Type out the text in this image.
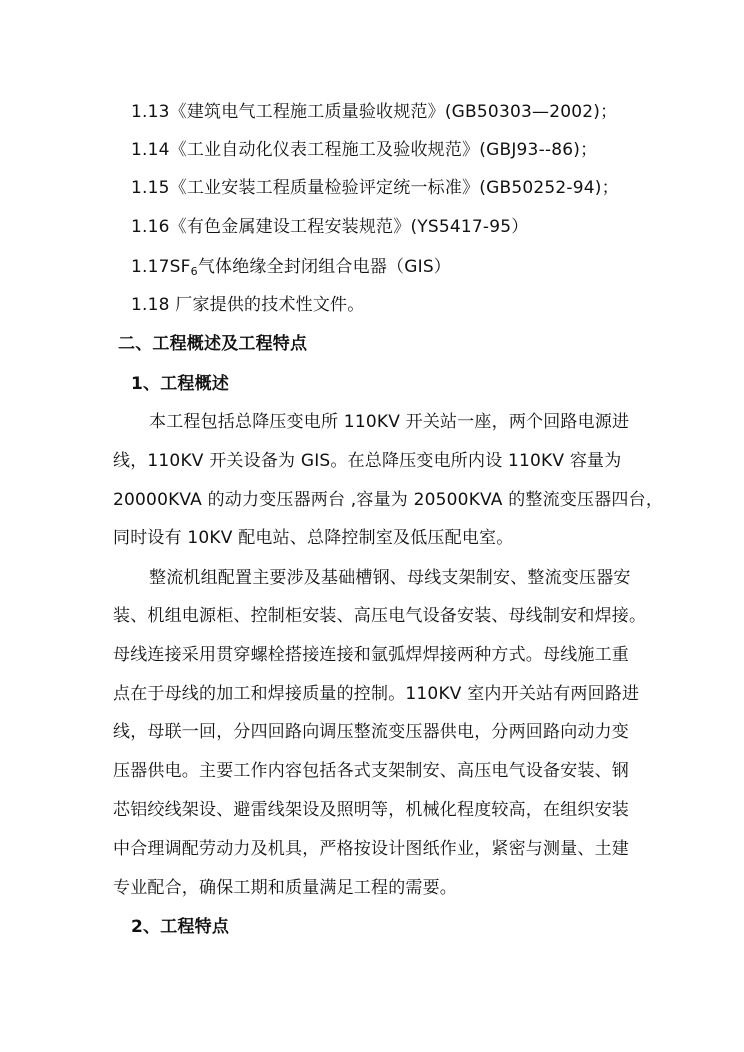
1.13《建筑电气工程施工质量验收规范》(GB50303—2002)；
1.14《工业自动化仪表工程施工及验收规范》(GBJ93--86)；
1.15《工业安装工程质量检验评定统一标准》(GB50252-94)；
1.16《有色金属建设工程安装规范》(YS5417-95）
$1.17SF_6$气体绝缘全封闭组合电器（GIS）
1.18 厂家提供的技术性文件。
二、工程概述及工程特点
1、工程概述
本工程包括总降压变电所 110KV 开关站一座，两个回路电源进
线，110KV 开关设备为 GIS。在总降压变电所内设 110KV 容量为
20000KVA 的动力变压器两台 ,容量为 20500KVA 的整流变压器四台，
同时设有 10KV 配电站、总降控制室及低压配电室。
整流机组配置主要涉及基础槽钢、母线支架制安、整流变压器安
装、机组电源柜、控制柜安装、高压电气设备安装、母线制安和焊接。
母线连接采用贯穿螺栓搭接连接和氩弧焊焊接两种方式。母线施工重
点在于母线的加工和焊接质量的控制。110KV 室内开关站有两回路进
线，母联一回，分四回路向调压整流变压器供电，分两回路向动力变
压器供电。主要工作内容包括各式支架制安、高压电气设备安装、钢
芯铝绞线架设、避雷线架设及照明等，机械化程度较高，在组织安装
中合理调配劳动力及机具，严格按设计图纸作业，紧密与测量、土建
专业配合，确保工期和质量满足工程的需要。
2、工程特点
